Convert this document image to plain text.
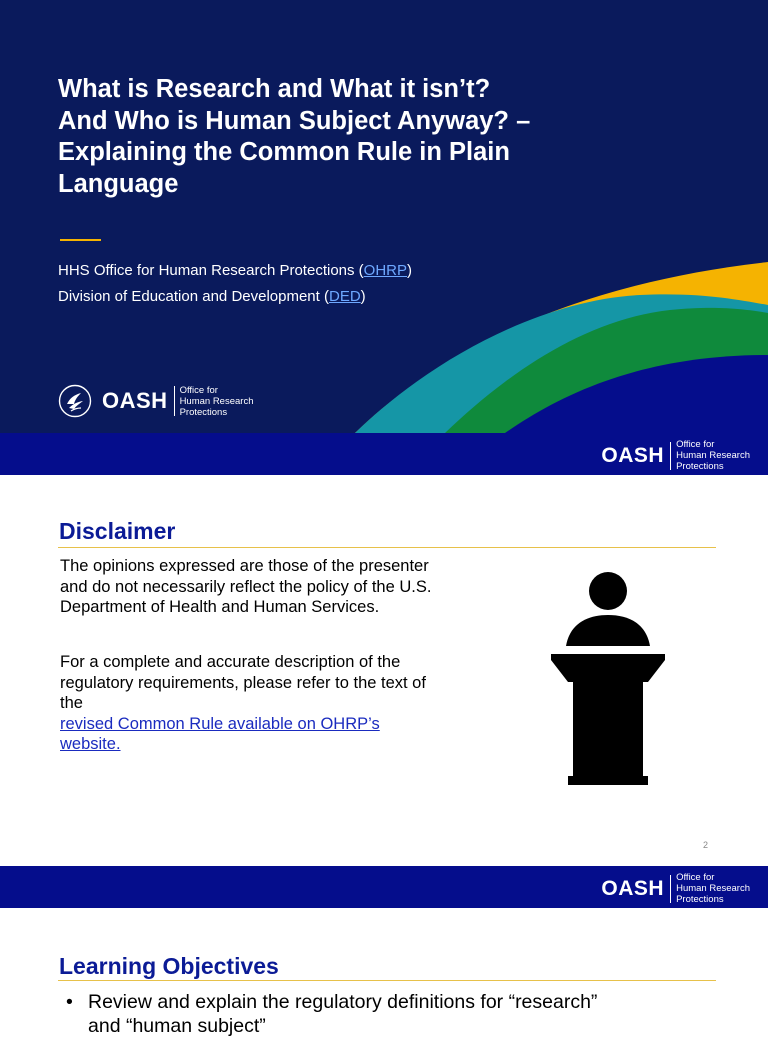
What is Research and What it isn’t?
And Who is Human Subject Anyway? –
Explaining the Common Rule in Plain
Language
HHS Office for Human Research Protections (OHRP)
Division of Education and Development (DED)
OASH Office for
Human Research
Protections
OASH Office for
Human Research
Protections
Disclaimer

The opinions expressed are those of the presenter
and do not necessarily reflect the policy of the U.S.
Department of Health and Human Services.

For a complete and accurate description of the
regulatory requirements, please refer to the text of
the
revised Common Rule available on OHRP’s
website.

2
OASH Office for
Human Research
Protections
Learning Objectives
• Review and explain the regulatory definitions for “research”
and “human subject”
